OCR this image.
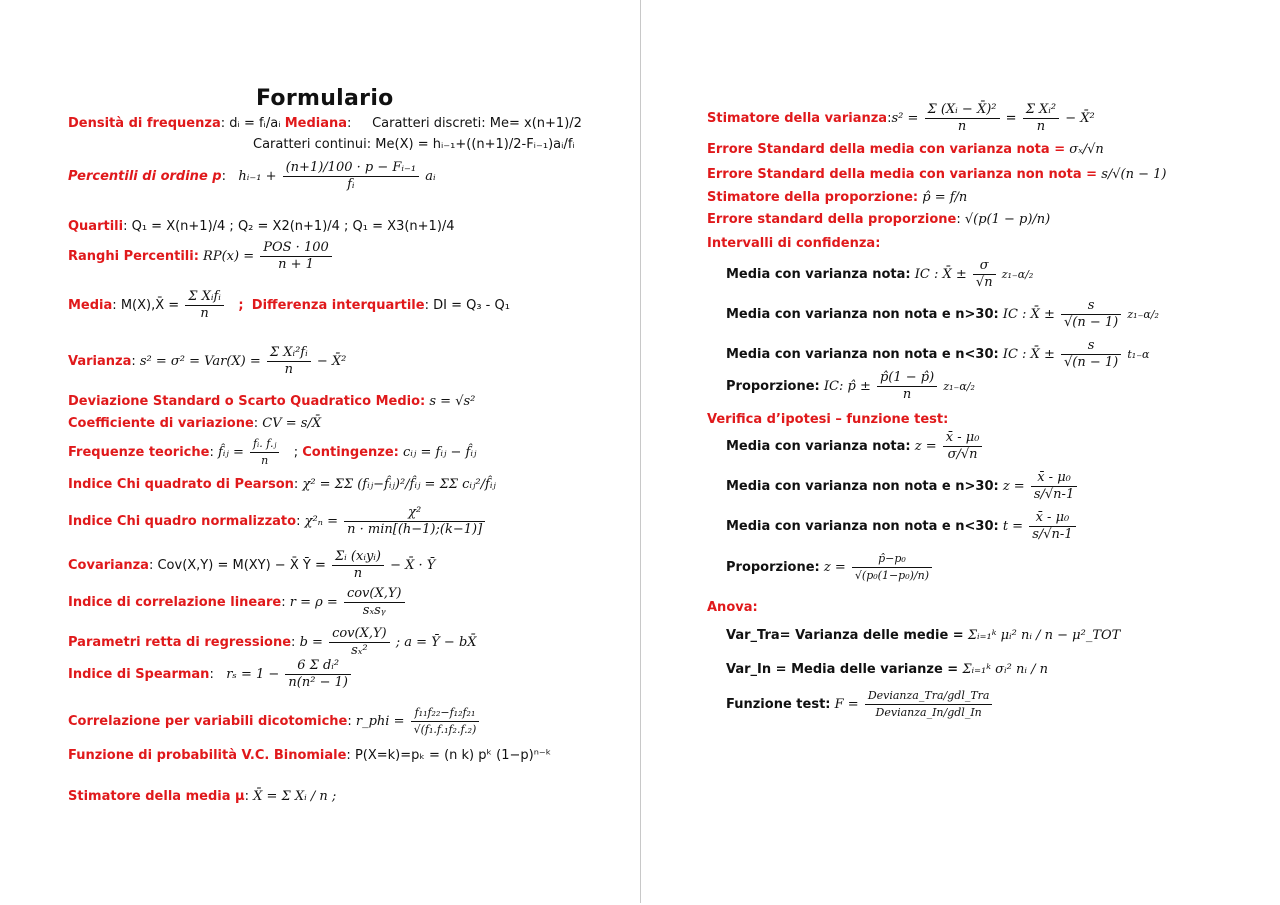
Formulario
Densità di frequenza: dᵢ = fᵢ/aᵢ Mediana:     Caratteri discreti: Me= x(n+1)/2
Caratteri continui: Me(X) = hᵢ₋₁+((n+1)/2-Fᵢ₋₁)aᵢ/fᵢ
Percentili di ordine p:   hᵢ₋₁ + $\frac{\text{(n+1)/100 · p − Fᵢ₋₁}}{\text{fᵢ}}$ aᵢ
Quartili: Q₁ = X(n+1)/4 ; Q₂ = X2(n+1)/4 ; Q₁ = X3(n+1)/4
Ranghi Percentili: $RP(x) = \frac{\text{POS · 100}}{n + 1}$
Media: M(X),X̄ = $\frac{\text{Σ Xᵢfᵢ}}{n}$ ; Differenza interquartile: DI = Q₃ - Q₁
Varianza: $s^2 = \sigma^2 = Var(X) = \frac{\text{Σ Xᵢ²fᵢ}}{n}$ − X̄²
Deviazione Standard o Scarto Quadratico Medio: s = √s²
Coefficiente di variazione: CV = s/X̄
Frequenze teoriche: f̂ᵢⱼ = $\frac{\text{fᵢ. f.ⱼ}}{n}$ ; Contingenze: cᵢⱼ = fᵢⱼ − f̂ᵢⱼ
Indice Chi quadrato di Pearson: χ² = ΣΣ (fᵢⱼ−f̂ᵢⱼ)²/f̂ᵢⱼ = ΣΣ cᵢⱼ²/f̂ᵢⱼ
Indice Chi quadro normalizzato: $\chi^2_n = \frac{\text{χ²}}{n \cdot \min[(h-1);(k-1)]}$
Covarianza: Cov(X,Y) = M(XY) − X̄ Ȳ = $\frac{\text{Σᵢ (xᵢyᵢ)}}{n}$ − X̄ · Ȳ
Indice di correlazione lineare: $r = \rho = \frac{\text{cov(X,Y)}}{\text{sₓsᵧ}}$
Parametri retta di regressione: $b = \frac{\text{cov(X,Y)}}{\text{sₓ²}}$ ; a = Ȳ − bX̄
Indice di Spearman:   $r_s = 1 - \frac{\text{6 Σ dᵢ²}}{\text{n(n² − 1)}}$
Correlazione per variabili dicotomiche: r_phi = $\frac{\text{f₁₁f₂₂−f₁₂f₂₁}}{\text{√(f₁.f.₁f₂.f.₂)}}$
Funzione di probabilità V.C. Binomiale: P(X=k)=pₖ = (n k) pᵏ (1−p)ⁿ⁻ᵏ
Stimatore della media μ: X̄ = Σ Xᵢ / n ;
Stimatore della varianza:s² = $\frac{\text{Σ (Xᵢ − X̄)²}}{n} = \frac{\text{Σ Xᵢ²}}{n}$ − X̄²
Errore Standard della media con varianza nota = σₓ/√n
Errore Standard della media con varianza non nota = s/√(n − 1)
Stimatore della proporzione: p̂ = f/n
Errore standard della proporzione: √(p(1 − p)/n)
Intervalli di confidenza:
Media con varianza nota: IC : X̄ ± $\frac{\sigma}{√n} z_{1-}\alpha/_2$
Media con varianza non nota e n>30: IC : X̄ ± $\frac{s}{√(n - 1)} z_{1-}\alpha/_2$
Media con varianza non nota e n<30: IC : X̄ ± $\frac{s}{√(n - 1)} t_{1-}\alpha$
Proporzione: IC: p̂ ± $\frac{p̂(1 - p̂)}{n} z_{1-}\alpha/_2$
Verifica d’ipotesi – funzione test:
Media con varianza nota: $z = \frac{\text{x̄ - μ₀}}{\sigma/√n}$
Media con varianza non nota e n>30: $z = \frac{\text{x̄ - μ₀}}{s/√n-1}$
Media con varianza non nota e n<30: $t = \frac{\text{x̄ - μ₀}}{s/√n-1}$
Proporzione: $z = \frac{\text{p̂−p₀}}{\text{√(p₀(1−p₀)/n)}}$
Anova:
Var_Tra= Varianza delle medie = Σᵢ₌₁ᵏ μᵢ² nᵢ / n − μ²_TOT
Var_In = Media delle varianze = Σᵢ₌₁ᵏ σᵢ² nᵢ / n
Funzione test: $F = \frac{\text{Devianza\_Tra/gdl\_Tra}}{\text{Devianza\_In/gdl\_In}}$
